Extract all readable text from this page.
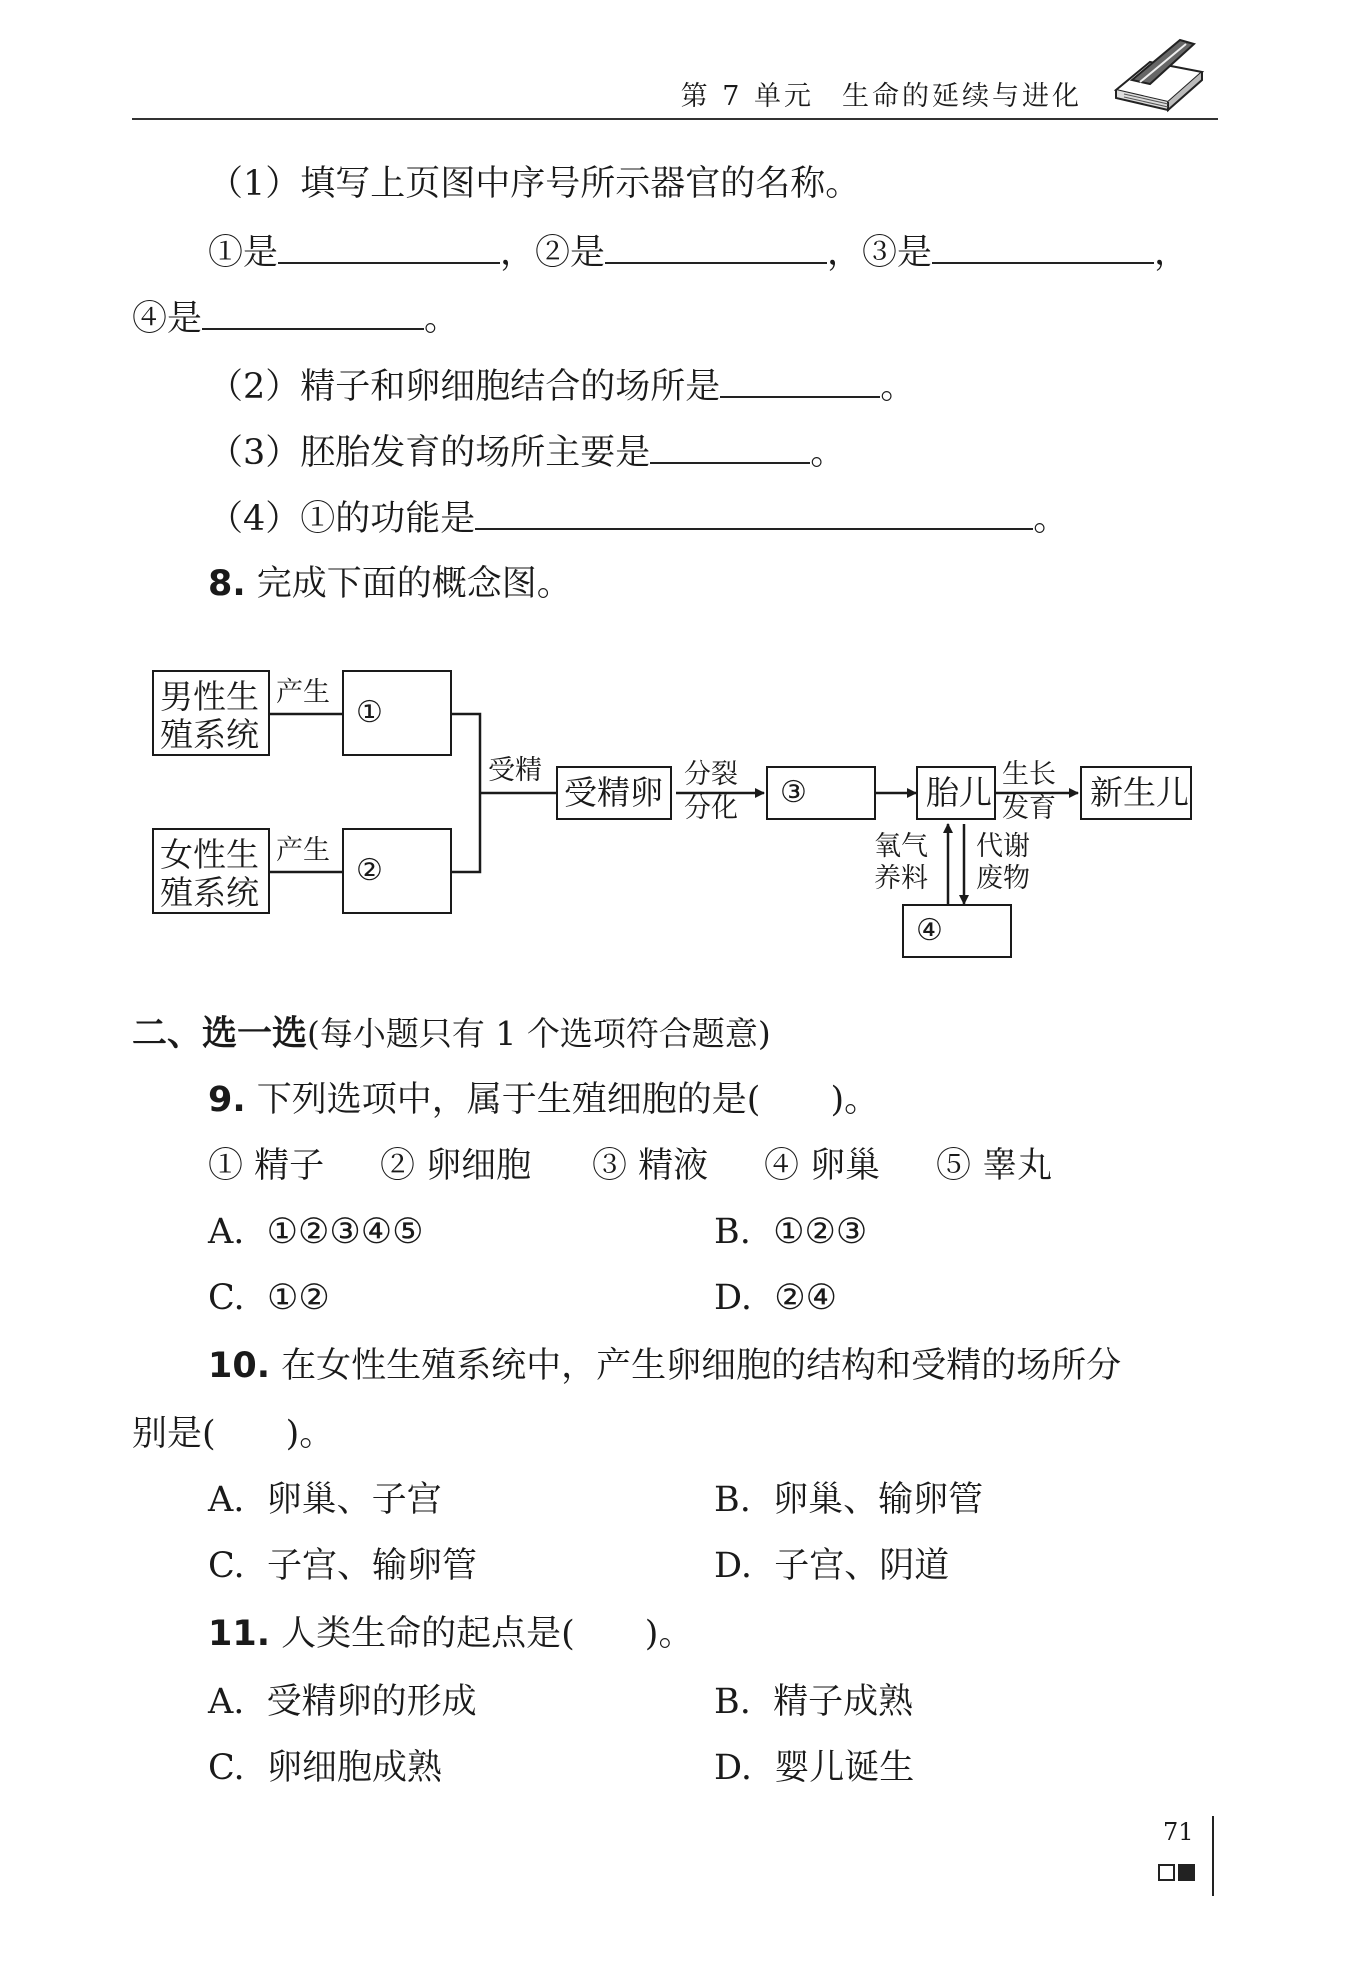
第 7 单元 生命的延续与进化
（1）填写上页图中序号所示器官的名称。
①是	，②是	，③是	，
④是	。
（2）精子和卵细胞结合的场所是	。
（3）胚胎发育的场所主要是	。
（4）①的功能是	。
8. 完成下面的概念图。
男性生
殖系统
产生
①
女性生
殖系统
产生
②
受精
受精卵 分裂
分化 ③	胎儿 生长
发育	新生儿
氧气
养料
代谢
废物
④
二、选一选(每小题只有 1 个选项符合题意)
9. 下列选项中，属于生殖细胞的是(　　)。
① 精子 ② 卵细胞 ③ 精液 ④ 卵巢 ⑤ 睾丸
A. ①②③④⑤	B. ①②③
C. ①②	D. ②④
10. 在女性生殖系统中，产生卵细胞的结构和受精的场所分
别是(　　)。
A. 卵巢、子宫	B. 卵巢、输卵管
C. 子宫、输卵管	D. 子宫、阴道
11. 人类生命的起点是(　　)。
A. 受精卵的形成	B. 精子成熟
C. 卵细胞成熟	D. 婴儿诞生
71
